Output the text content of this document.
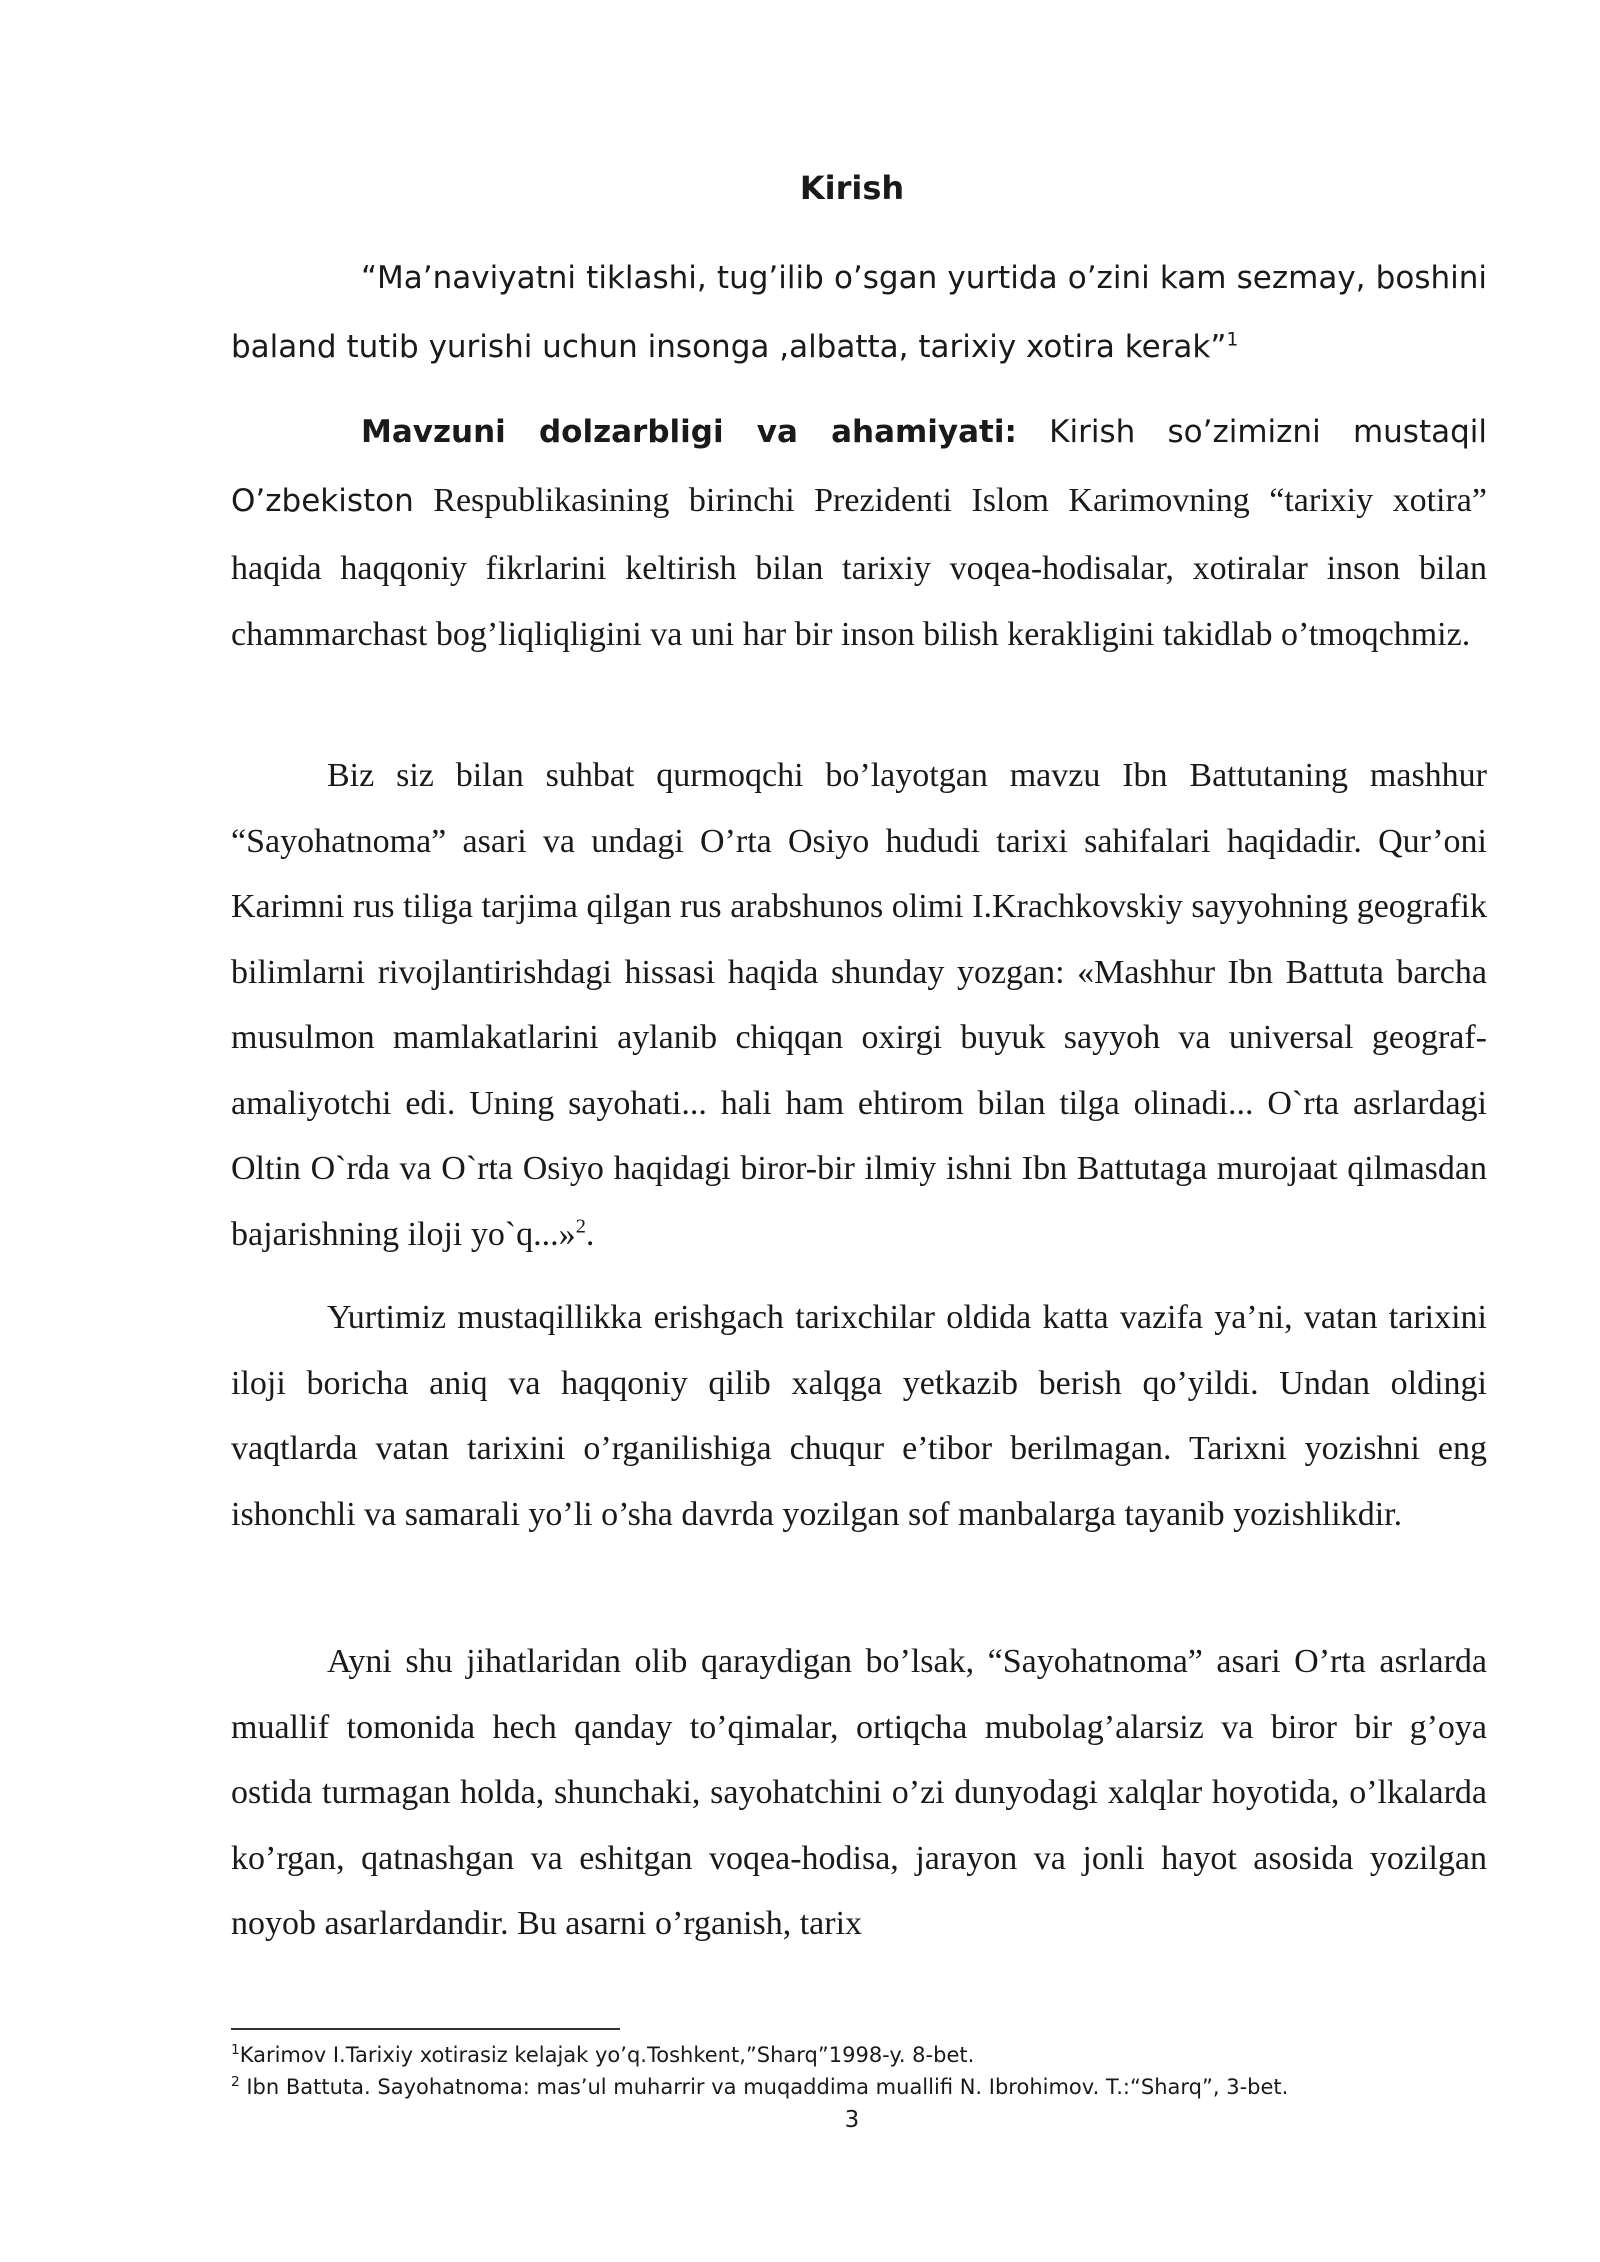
Kirish

“Ma’naviyatni tiklashi, tug’ilib o’sgan yurtida o’zini kam sezmay, boshini baland tutib yurishi uchun insonga ,albatta, tarixiy xotira kerak”$^1$

Mavzuni dolzarbligi va ahamiyati: Kirish so’zimizni mustaqil O’zbekiston Respublikasining birinchi Prezidenti Islom Karimovning “tarixiy xotira” haqida haqqoniy fikrlarini keltirish bilan tarixiy voqea-hodisalar, xotiralar inson bilan chammarchast bog’liqliqligini va uni har bir inson bilish kerakligini takidlab o’tmoqchmiz.

Biz siz bilan suhbat qurmoqchi bo’layotgan mavzu Ibn Battutaning mashhur “Sayohatnoma” asari va undagi O’rta Osiyo hududi tarixi sahifalari haqidadir. Qur’oni Karimni rus tiliga tarjima qilgan rus arabshunos olimi I.Krachkovskiy sayyohning geografik bilimlarni rivojlantirishdagi hissasi haqida shunday yozgan: «Mashhur Ibn Battuta barcha musulmon mamlakatlarini aylanib chiqqan oxirgi buyuk sayyoh va universal geograf-amaliyotchi edi. Uning sayohati... hali ham ehtirom bilan tilga olinadi... O`rta asrlardagi Oltin O`rda va O`rta Osiyo haqidagi biror-bir ilmiy ishni Ibn Battutaga murojaat qilmasdan bajarishning iloji yo`q...»$^2$.

Yurtimiz mustaqillikka erishgach tarixchilar oldida katta vazifa ya’ni, vatan tarixini iloji boricha aniq va haqqoniy qilib xalqga yetkazib berish qo’yildi. Undan oldingi vaqtlarda vatan tarixini o’rganilishiga chuqur e’tibor berilmagan. Tarixni yozishni eng ishonchli va samarali yo’li o’sha davrda yozilgan sof manbalarga tayanib yozishlikdir.

Ayni shu jihatlaridan olib qaraydigan bo’lsak, “Sayohatnoma” asari O’rta asrlarda muallif tomonida hech qanday to’qimalar, ortiqcha mubolag’alarsiz va biror bir g’oya ostida turmagan holda, shunchaki, sayohatchini o’zi dunyodagi xalqlar hoyotida, o’lkalarda ko’rgan, qatnashgan va eshitgan voqea-hodisa, jarayon va jonli hayot asosida yozilgan noyob asarlardandir. Bu asarni o’rganish, tarix

$^1$Karimov I.Tarixiy xotirasiz kelajak yo’q.Toshkent,”Sharq”1998-y. 8-bet.

$^2$ Ibn Battuta. Sayohatnoma: mas’ul muharrir va muqaddima muallifi N. Ibrohimov. T.:“Sharq”, 3-bet.

3
